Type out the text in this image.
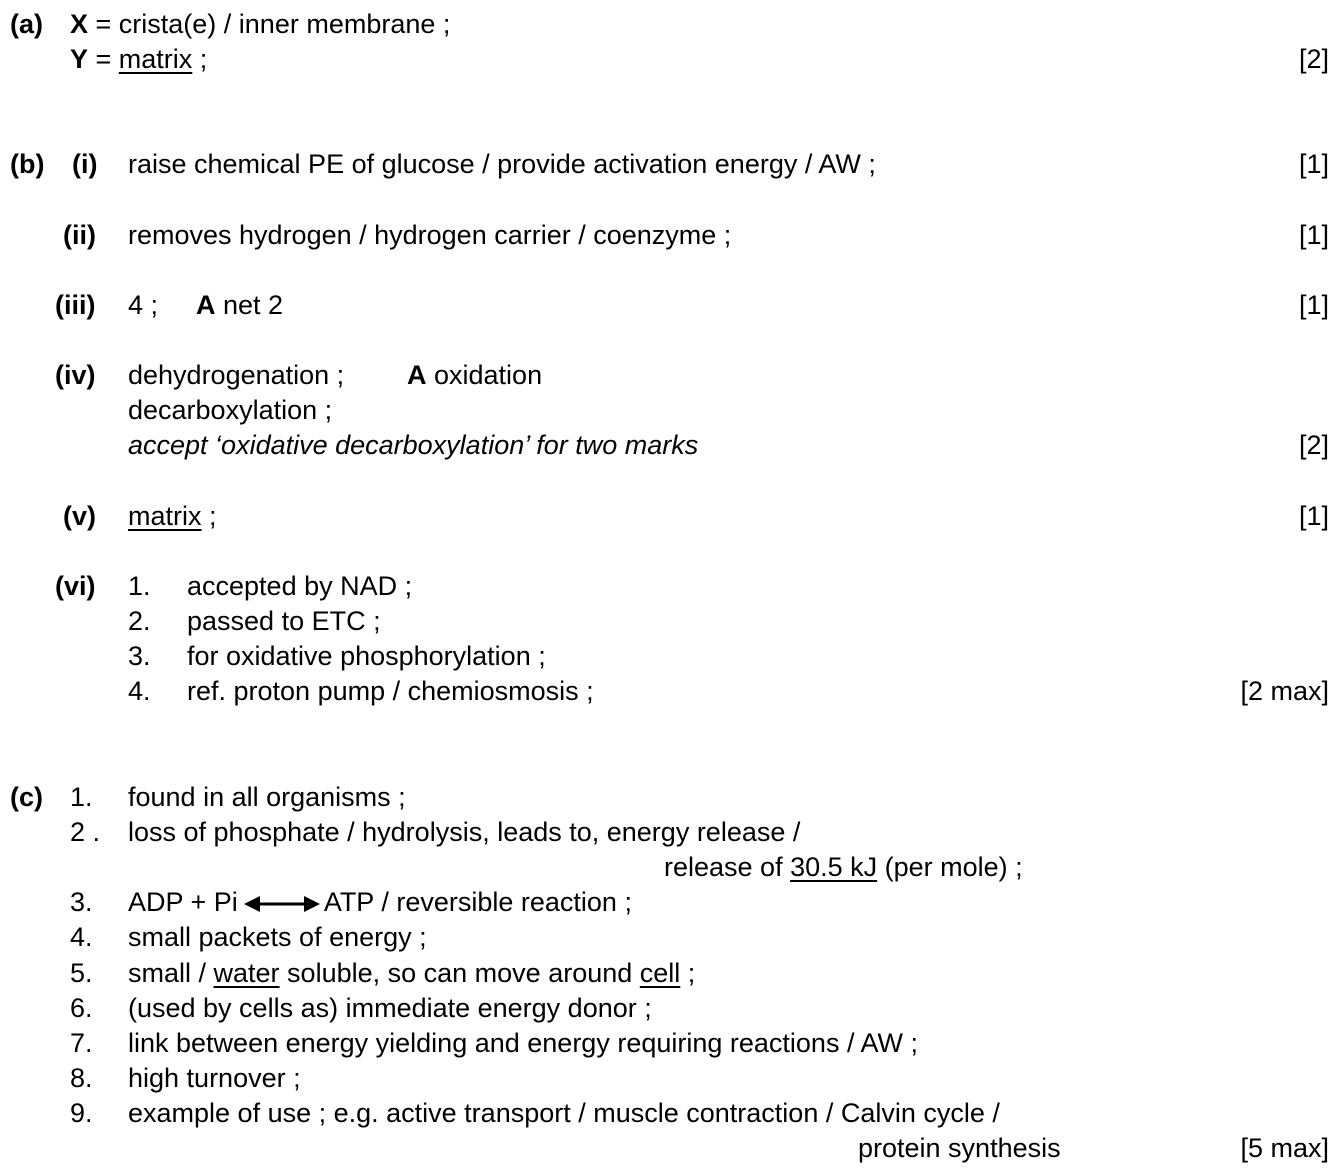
(a) X = crista(e) / inner membrane ;
Y = matrix ;	[2]
(b) (i) raise chemical PE of glucose / provide activation energy / AW ;	[1]
(ii) removes hydrogen / hydrogen carrier / coenzyme ;	[1]
(iii) 4 ; A net 2	[1]
(iv) dehydrogenation ; A oxidation
decarboxylation ;
accept ‘oxidative decarboxylation’ for two marks	[2]
(v) matrix ;	[1]
(vi) 1. accepted by NAD ;
2. passed to ETC ;
3. for oxidative phosphorylation ;
4. ref. proton pump / chemiosmosis ;	[2 max]
(c) 1. found in all organisms ;
2 . loss of phosphate / hydrolysis, leads to, energy release /
release of 30.5 kJ (per mole) ;
3. ADP + Pi	ATP / reversible reaction ;
4. small packets of energy ;
5. small / water soluble, so can move around cell ;
6. (used by cells as) immediate energy donor ;
7. link between energy yielding and energy requiring reactions / AW ;
8. high turnover ;
9. example of use ; e.g. active transport / muscle contraction / Calvin cycle /
protein synthesis	[5 max]
